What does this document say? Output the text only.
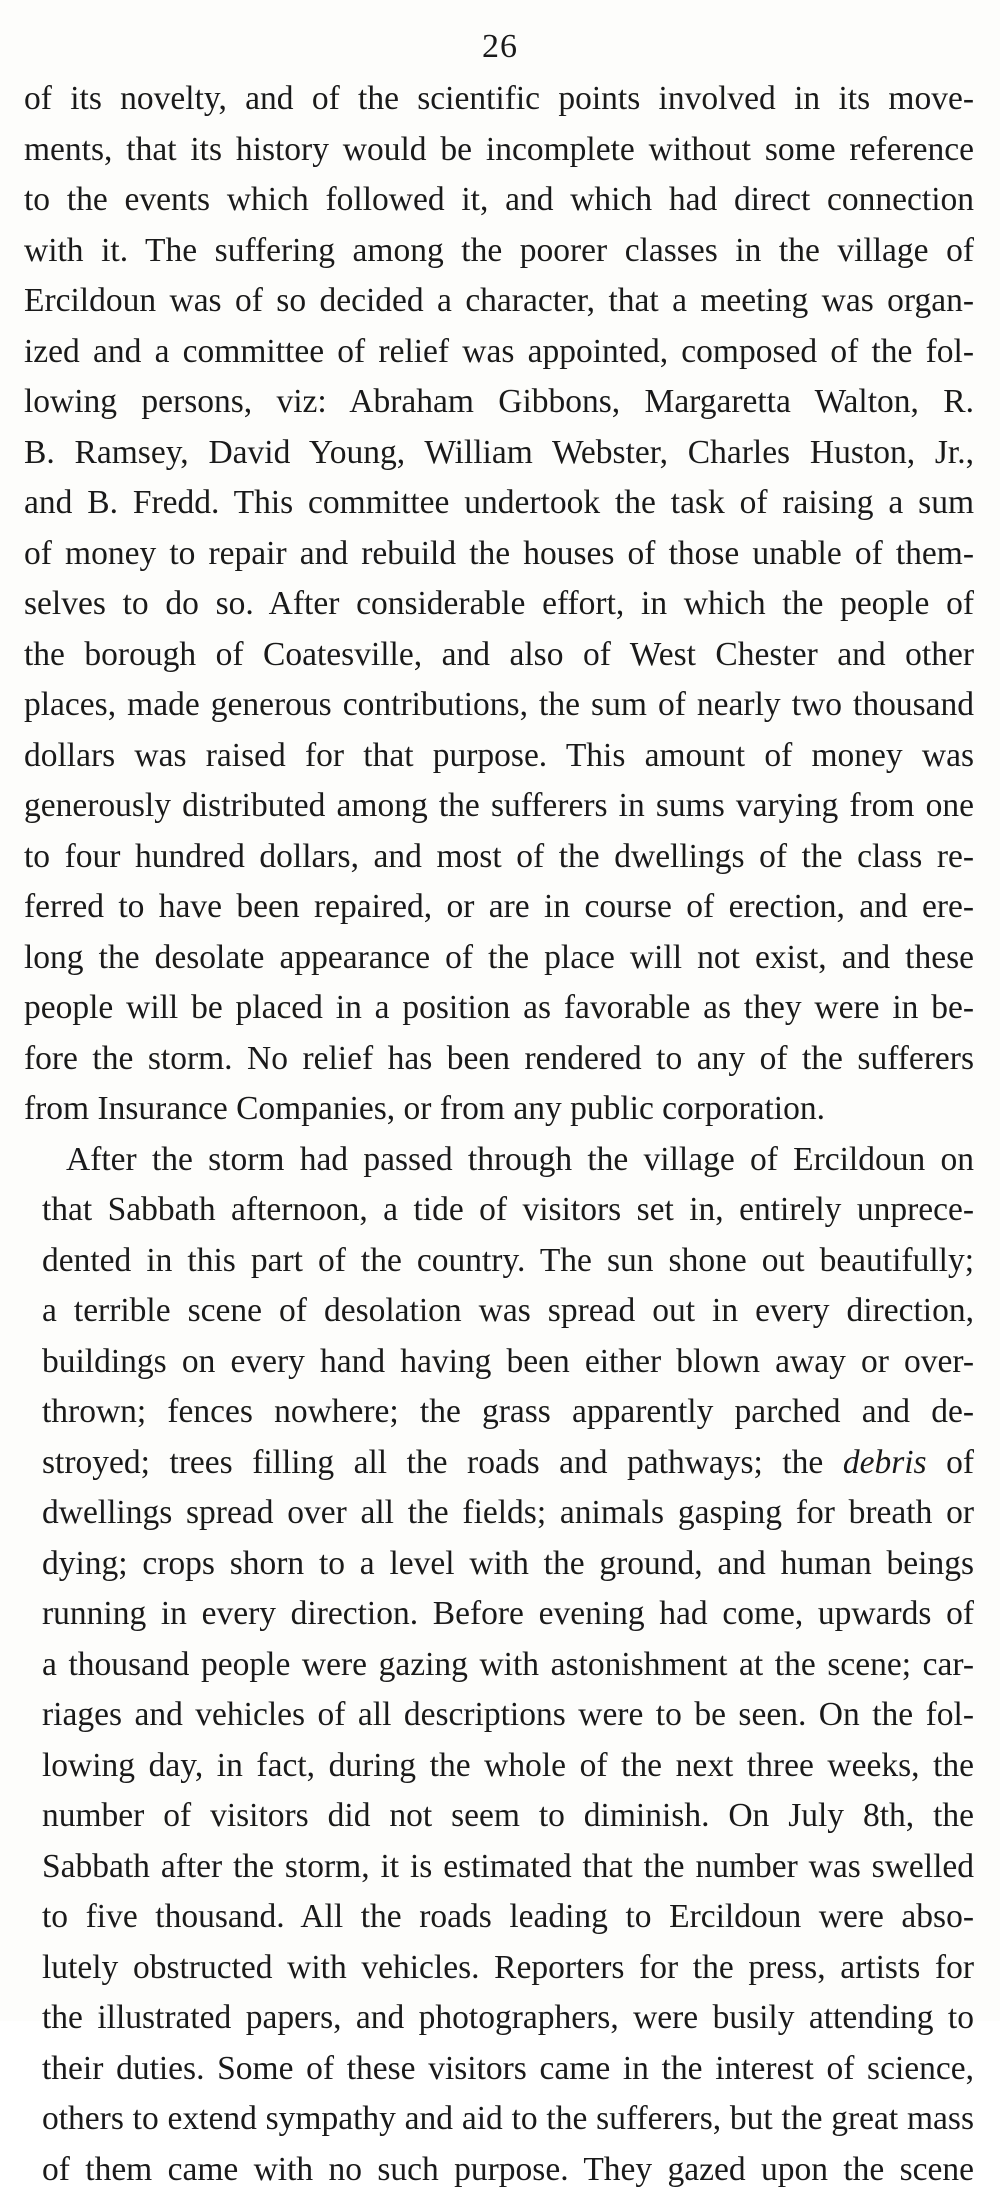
26
of its novelty, and of the scientific points involved in its move-
ments, that its history would be incomplete without some reference
to the events which followed it, and which had direct connection
with it. The suffering among the poorer classes in the village of
Ercildoun was of so decided a character, that a meeting was organ-
ized and a committee of relief was appointed, composed of the fol-
lowing persons, viz: Abraham Gibbons, Margaretta Walton, R.
B. Ramsey, David Young, William Webster, Charles Huston, Jr.,
and B. Fredd. This committee undertook the task of raising a sum
of money to repair and rebuild the houses of those unable of them-
selves to do so. After considerable effort, in which the people of
the borough of Coatesville, and also of West Chester and other
places, made generous contributions, the sum of nearly two thousand
dollars was raised for that purpose. This amount of money was
generously distributed among the sufferers in sums varying from one
to four hundred dollars, and most of the dwellings of the class re-
ferred to have been repaired, or are in course of erection, and ere-
long the desolate appearance of the place will not exist, and these
people will be placed in a position as favorable as they were in be-
fore the storm. No relief has been rendered to any of the sufferers
from Insurance Companies, or from any public corporation.
After the storm had passed through the village of Ercildoun on
that Sabbath afternoon, a tide of visitors set in, entirely unprece-
dented in this part of the country. The sun shone out beautifully;
a terrible scene of desolation was spread out in every direction,
buildings on every hand having been either blown away or over-
thrown; fences nowhere; the grass apparently parched and de-
stroyed; trees filling all the roads and pathways; the debris of
dwellings spread over all the fields; animals gasping for breath or
dying; crops shorn to a level with the ground, and human beings
running in every direction. Before evening had come, upwards of
a thousand people were gazing with astonishment at the scene; car-
riages and vehicles of all descriptions were to be seen. On the fol-
lowing day, in fact, during the whole of the next three weeks, the
number of visitors did not seem to diminish. On July 8th, the
Sabbath after the storm, it is estimated that the number was swelled
to five thousand. All the roads leading to Ercildoun were abso-
lutely obstructed with vehicles. Reporters for the press, artists for
the illustrated papers, and photographers, were busily attending to
their duties. Some of these visitors came in the interest of science,
others to extend sympathy and aid to the sufferers, but the great mass
of them came with no such purpose. They gazed upon the scene
